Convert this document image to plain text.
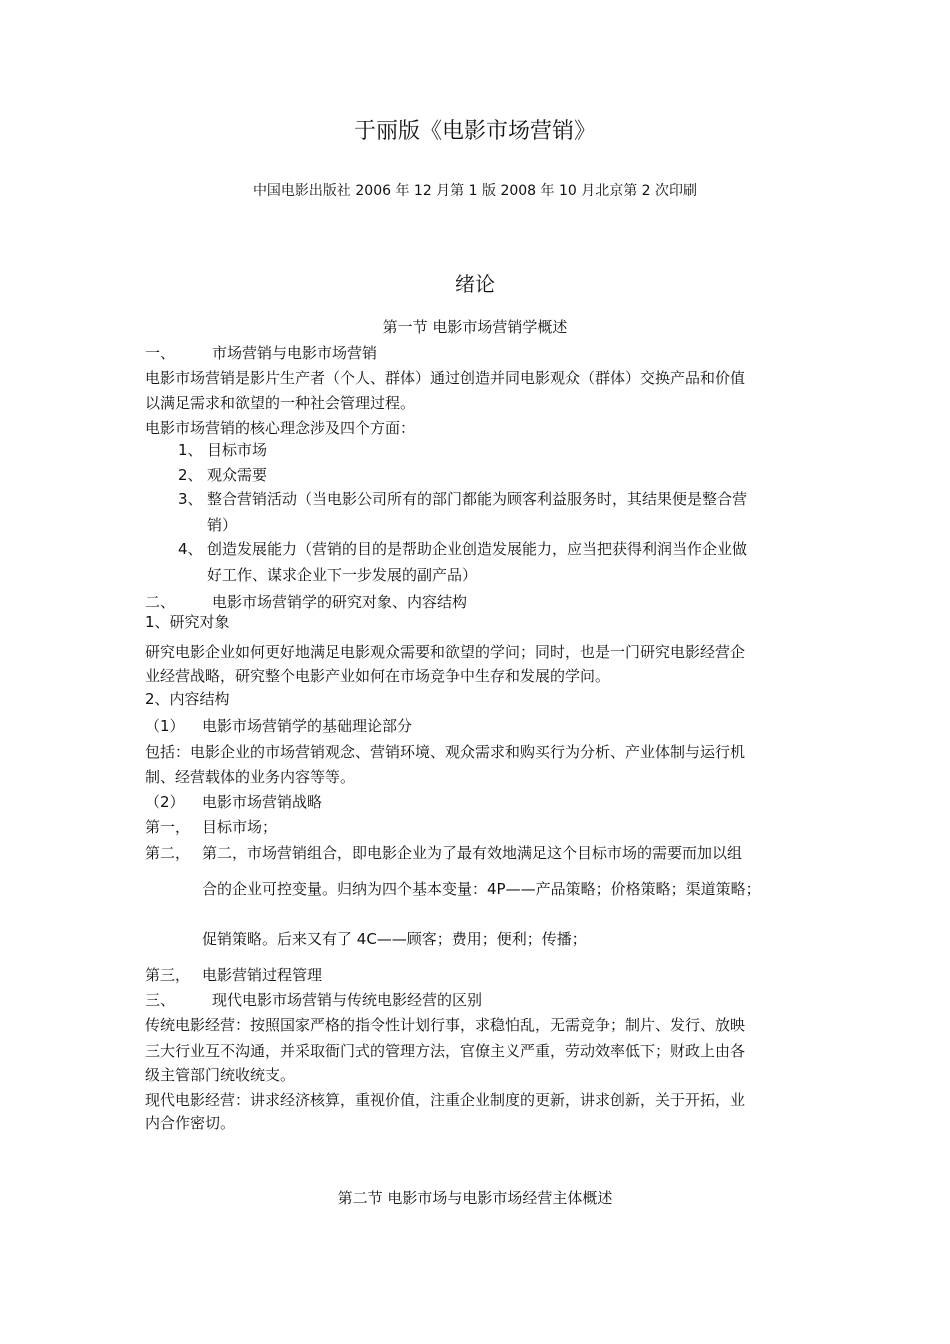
于丽版《电影市场营销》
中国电影出版社 2006 年 12 月第 1 版 2008 年 10 月北京第 2 次印刷
绪论
第一节 电影市场营销学概述
一、 市场营销与电影市场营销
电影市场营销是影片生产者（个人、群体）通过创造并同电影观众（群体）交换产品和价值
以满足需求和欲望的一种社会管理过程。
电影市场营销的核心理念涉及四个方面：
1、 目标市场
2、 观众需要
3、 整合营销活动（当电影公司所有的部门都能为顾客利益服务时，其结果便是整合营
销）
4、 创造发展能力（营销的目的是帮助企业创造发展能力，应当把获得利润当作企业做
好工作、谋求企业下一步发展的副产品）
二、 电影市场营销学的研究对象、内容结构
1、研究对象
研究电影企业如何更好地满足电影观众需要和欲望的学问；同时，也是一门研究电影经营企
业经营战略，研究整个电影产业如何在市场竞争中生存和发展的学问。
2、内容结构
（1） 电影市场营销学的基础理论部分
包括：电影企业的市场营销观念、营销环境、观众需求和购买行为分析、产业体制与运行机
制、经营载体的业务内容等等。
（2） 电影市场营销战略
第一， 目标市场；
第二， 第二，市场营销组合，即电影企业为了最有效地满足这个目标市场的需要而加以组
合的企业可控变量。归纳为四个基本变量：4P——产品策略；价格策略；渠道策略；
促销策略。后来又有了 4C——顾客；费用；便利；传播；
第三， 电影营销过程管理
三、 现代电影市场营销与传统电影经营的区别
传统电影经营：按照国家严格的指令性计划行事，求稳怕乱，无需竞争；制片、发行、放映
三大行业互不沟通，并采取衙门式的管理方法，官僚主义严重，劳动效率低下；财政上由各
级主管部门统收统支。
现代电影经营：讲求经济核算，重视价值，注重企业制度的更新，讲求创新，关于开拓，业
内合作密切。
第二节 电影市场与电影市场经营主体概述
